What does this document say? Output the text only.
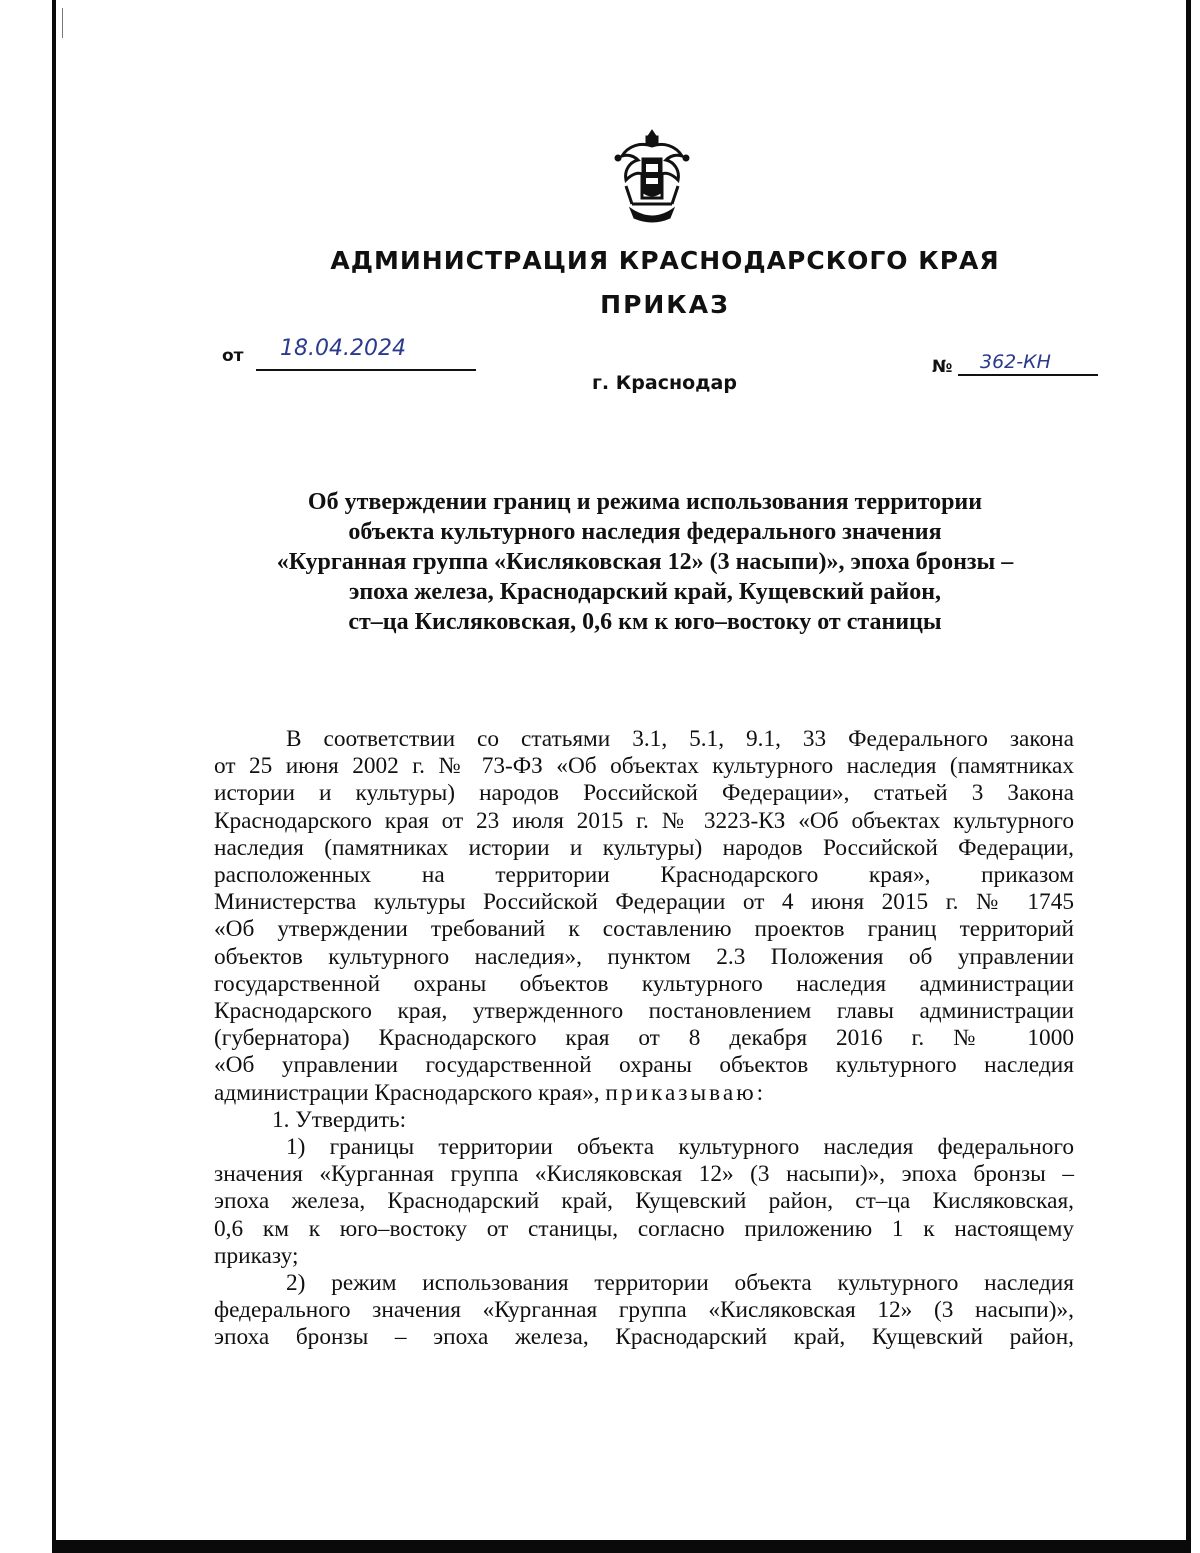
АДМИНИСТРАЦИЯ КРАСНОДАРСКОГО КРАЯ
ПРИКАЗ
от 18.04.2024
№ 362-КН
г. Краснодар
Об утверждении границ и режима использования территории
объекта культурного наследия федерального значения
«Курганная группа «Кисляковская 12» (3 насыпи)», эпоха бронзы –
эпоха железа, Краснодарский край, Кущевский район,
ст–ца Кисляковская, 0,6 км к юго–востоку от станицы
В соответствии со статьями 3.1, 5.1, 9.1, 33 Федерального закона
от 25 июня 2002 г. № 73-ФЗ «Об объектах культурного наследия (памятниках
истории и культуры) народов Российской Федерации», статьей 3 Закона
Краснодарского края от 23 июля 2015 г. № 3223-КЗ «Об объектах культурного
наследия (памятниках истории и культуры) народов Российской Федерации,
расположенных на территории Краснодарского края», приказом
Министерства культуры Российской Федерации от 4 июня 2015 г. № 1745
«Об утверждении требований к составлению проектов границ территорий
объектов культурного наследия», пунктом 2.3 Положения об управлении
государственной охраны объектов культурного наследия администрации
Краснодарского края, утвержденного постановлением главы администрации
(губернатора) Краснодарского края от 8 декабря 2016 г. № 1000
«Об управлении государственной охраны объектов культурного наследия
администрации Краснодарского края», приказываю:
1. Утвердить:
1) границы территории объекта культурного наследия федерального
значения «Курганная группа «Кисляковская 12» (3 насыпи)», эпоха бронзы –
эпоха железа, Краснодарский край, Кущевский район, ст–ца Кисляковская,
0,6 км к юго–востоку от станицы, согласно приложению 1 к настоящему
приказу;
2) режим использования территории объекта культурного наследия
федерального значения «Курганная группа «Кисляковская 12» (3 насыпи)»,
эпоха бронзы – эпоха железа, Краснодарский край, Кущевский район,
